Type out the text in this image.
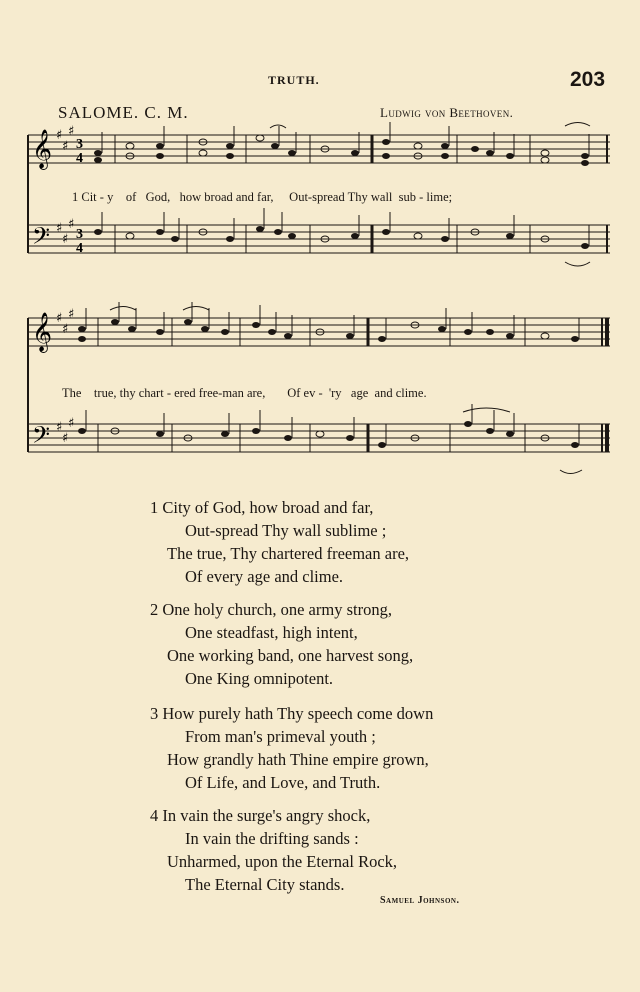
TRUTH.	203
SALOME. C. M.	Ludwig von Beethoven.
𝄞
𝄢
♯
♯
♯
♯
♯
♯
3
4
3
4
1 Cit - y    of   God,   how broad and far,     Out-spread Thy wall  sub - lime;
𝄞
𝄢
♯
♯
♯
♯
♯
♯
The    true, thy chart - ered free-man are,       Of ev -  'ry   age  and clime.
1 City of God, how broad and far,
Out-spread Thy wall sublime ;
The true, Thy chartered freeman are,
Of every age and clime.
2 One holy church, one army strong,
One steadfast, high intent,
One working band, one harvest song,
One King omnipotent.
3 How purely hath Thy speech come down
From man's primeval youth ;
How grandly hath Thine empire grown,
Of Life, and Love, and Truth.
4 In vain the surge's angry shock,
In vain the drifting sands :
Unharmed, upon the Eternal Rock,
The Eternal City stands.
Samuel Johnson.
